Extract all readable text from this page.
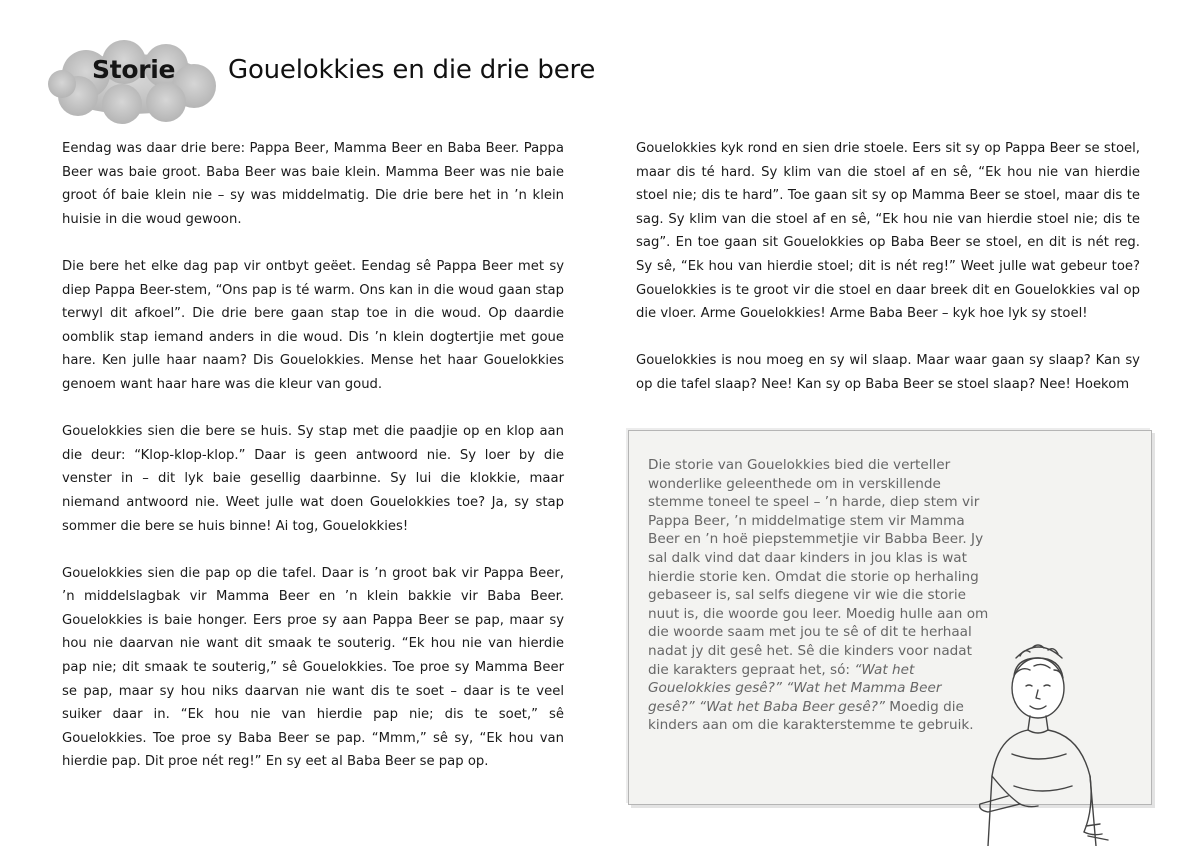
Storie Gouelokkies en die drie bere

Eendag was daar drie bere: Pappa Beer, Mamma Beer en Baba Beer. Pappa Beer was baie groot. Baba Beer was baie klein. Mamma Beer was nie baie groot óf baie klein nie – sy was middelmatig. Die drie bere het in ’n klein huisie in die woud gewoon.

Die bere het elke dag pap vir ontbyt geëet. Eendag sê Pappa Beer met sy diep Pappa Beer-stem, “Ons pap is té warm. Ons kan in die woud gaan stap terwyl dit afkoel”. Die drie bere gaan stap toe in die woud. Op daardie oomblik stap iemand anders in die woud. Dis ’n klein dogtertjie met goue hare. Ken julle haar naam? Dis Gouelokkies. Mense het haar Gouelokkies genoem want haar hare was die kleur van goud.

Gouelokkies sien die bere se huis. Sy stap met die paadjie op en klop aan die deur: “Klop-klop-klop.” Daar is geen antwoord nie. Sy loer by die venster in – dit lyk baie gesellig daarbinne. Sy lui die klokkie, maar niemand antwoord nie. Weet julle wat doen Gouelokkies toe? Ja, sy stap sommer die bere se huis binne! Ai tog, Gouelokkies!

Gouelokkies sien die pap op die tafel. Daar is ’n groot bak vir Pappa Beer, ’n middelslagbak vir Mamma Beer en ’n klein bakkie vir Baba Beer. Gouelokkies is baie honger. Eers proe sy aan Pappa Beer se pap, maar sy hou nie daarvan nie want dit smaak te souterig. “Ek hou nie van hierdie pap nie; dit smaak te souterig,” sê Gouelokkies. Toe proe sy Mamma Beer se pap, maar sy hou niks daarvan nie want dis te soet – daar is te veel suiker daar in. “Ek hou nie van hierdie pap nie; dis te soet,” sê Gouelokkies. Toe proe sy Baba Beer se pap. “Mmm,” sê sy, “Ek hou van hierdie pap. Dit proe nét reg!” En sy eet al Baba Beer se pap op.

Gouelokkies kyk rond en sien drie stoele. Eers sit sy op Pappa Beer se stoel, maar dis té hard. Sy klim van die stoel af en sê, “Ek hou nie van hierdie stoel nie; dis te hard”. Toe gaan sit sy op Mamma Beer se stoel, maar dis te sag. Sy klim van die stoel af en sê, “Ek hou nie van hierdie stoel nie; dis te sag”. En toe gaan sit Gouelokkies op Baba Beer se stoel, en dit is nét reg. Sy sê, “Ek hou van hierdie stoel; dit is nét reg!” Weet julle wat gebeur toe? Gouelokkies is te groot vir die stoel en daar breek dit en Gouelokkies val op die vloer. Arme Gouelokkies! Arme Baba Beer – kyk hoe lyk sy stoel!

Gouelokkies is nou moeg en sy wil slaap. Maar waar gaan sy slaap? Kan sy op die tafel slaap? Nee! Kan sy op Baba Beer se stoel slaap? Nee! Hoekom

Die storie van Gouelokkies bied die verteller wonderlike geleenthede om in verskillende stemme toneel te speel – ’n harde, diep stem vir Pappa Beer, ’n middelmatige stem vir Mamma Beer en ’n hoë piepstemmetjie vir Babba Beer. Jy sal dalk vind dat daar kinders in jou klas is wat hierdie storie ken. Omdat die storie op herhaling gebaseer is, sal selfs diegene vir wie die storie nuut is, die woorde gou leer. Moedig hulle aan om die woorde saam met jou te sê of dit te herhaal nadat jy dit gesê het. Sê die kinders voor nadat die karakters gepraat het, só: “Wat het Gouelokkies gesê?” “Wat het Mamma Beer gesê?” “Wat het Baba Beer gesê?” Moedig die kinders aan om die karakterstemme te gebruik.
